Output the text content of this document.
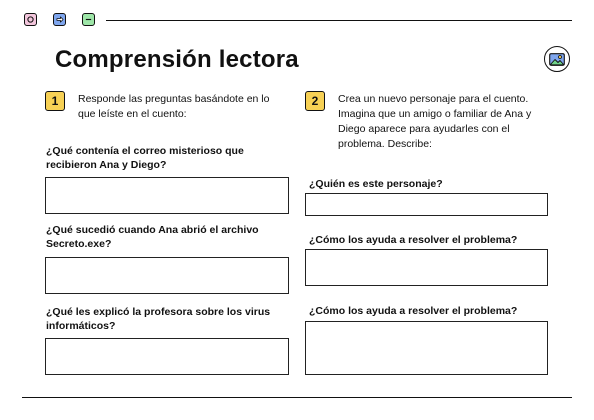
Comprensión lectora
1	Responde las preguntas basándote en lo que leíste en el cuento:

¿Qué contenía el correo misterioso que recibieron Ana y Diego?

¿Qué sucedió cuando Ana abrió el archivo Secreto.exe?

¿Qué les explicó la profesora sobre los virus informáticos?

2	Crea un nuevo personaje para el cuento. Imagina que un amigo o familiar de Ana y Diego aparece para ayudarles con el problema. Describe:

¿Quién es este personaje?

¿Cómo los ayuda a resolver el problema?

¿Cómo los ayuda a resolver el problema?
